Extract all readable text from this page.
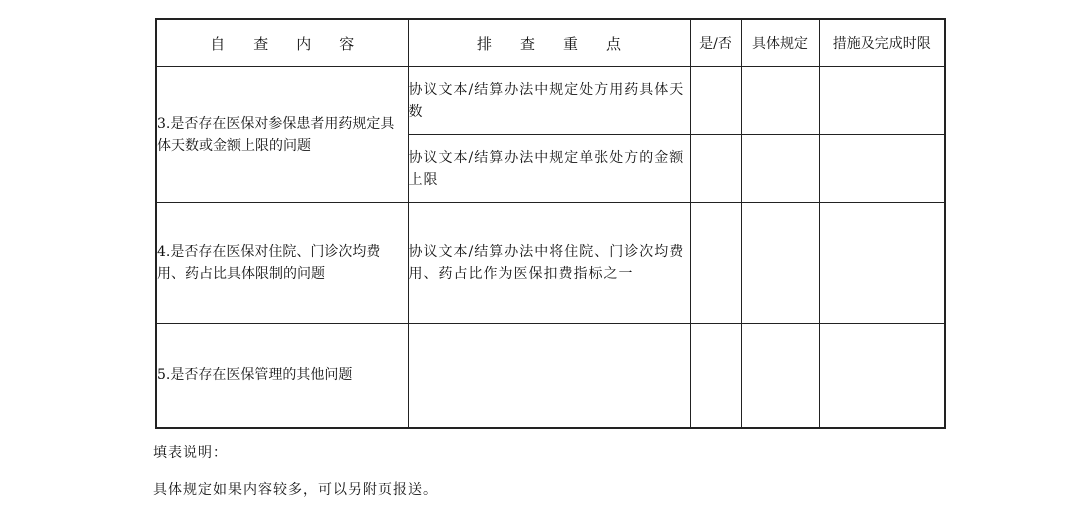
自查内容	排查重点	是/否	具体规定	措施及完成时限
3.是否存在医保对参保患者用药规定具体天数或金额上限的问题	协议文本/结算办法中规定处方用药具体天数			
	协议文本/结算办法中规定单张处方的金额上限			
4.是否存在医保对住院、门诊次均费用、药占比具体限制的问题	协议文本/结算办法中将住院、门诊次均费用、药占比作为医保扣费指标之一			
5.是否存在医保管理的其他问题				
填表说明：
具体规定如果内容较多，可以另附页报送。
